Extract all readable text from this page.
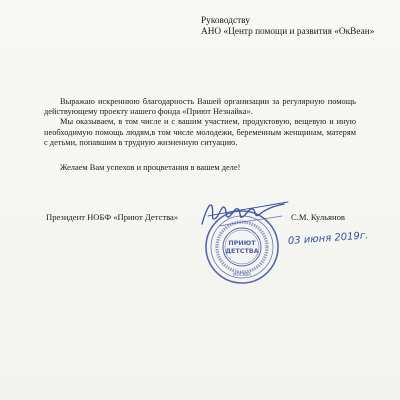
Руководству
АНО «Центр помощи и развития «ОкВеан»

Выражаю искреннюю благодарность Вашей организации за регулярную помощь действующему проекту нашего фонда «Приют Незнайка».

Мы оказываем, в том числе и с вашим участием, продуктовую, вещевую и иную необходимую помощь людям,в том числе молодежи, беременным женщинам, матерям с детьми, попавшим в трудную жизненную ситуацию.

Желаем Вам успехов и процветания в вашем деле!

Президент НОБФ «Приют Детства»	С.М. Кульянов
ПРИЮТ
ДЕТСТВА
МОСКВА
03 июня 2019г.
